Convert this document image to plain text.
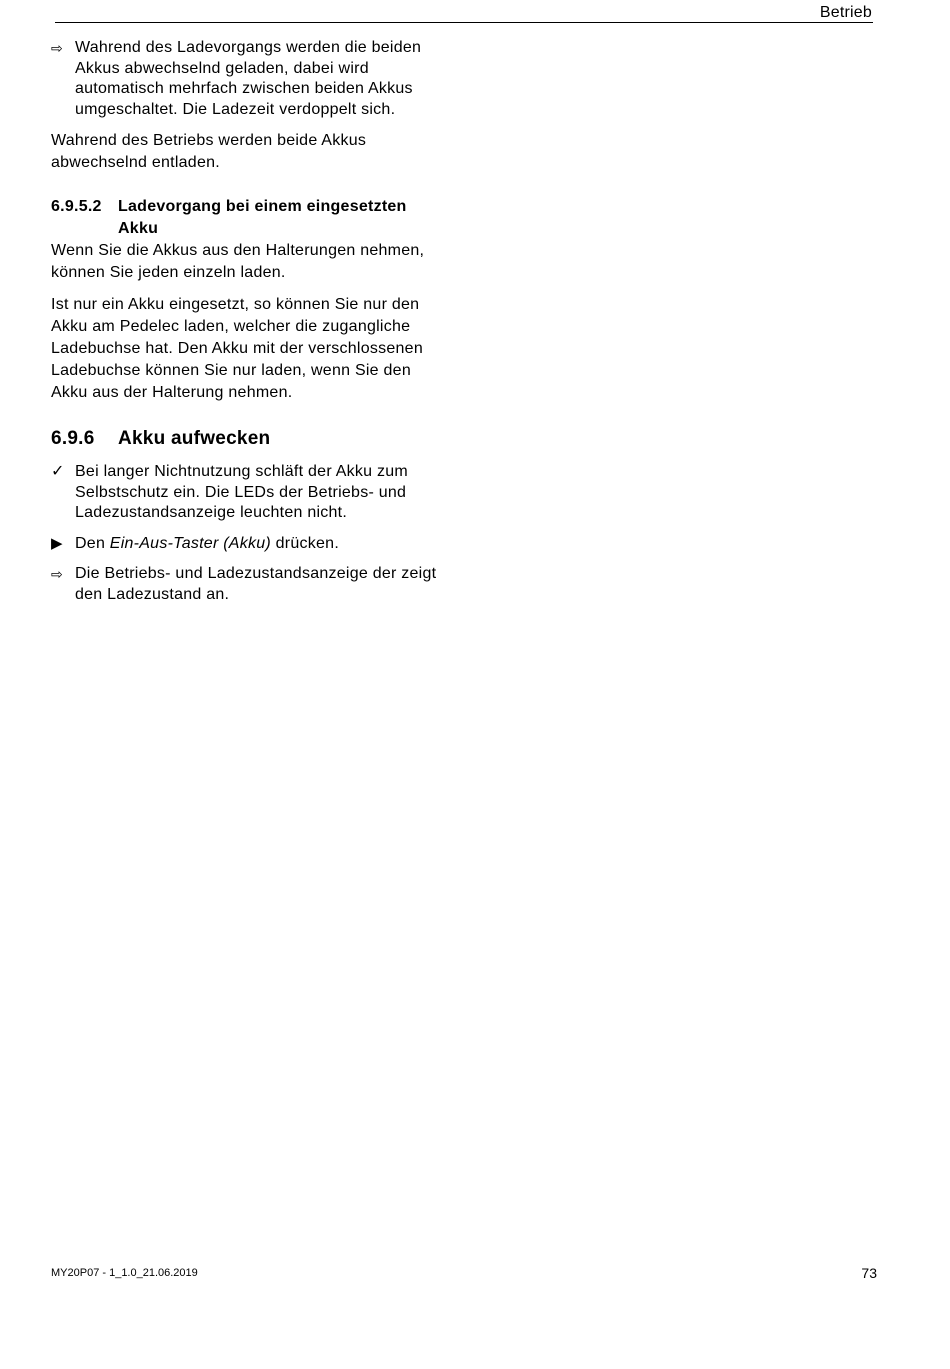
Betrieb
⇨ Wahrend des Ladevorgangs werden die beiden Akkus abwechselnd geladen, dabei wird automatisch mehrfach zwischen beiden Akkus umgeschaltet. Die Ladezeit verdoppelt sich.

Wahrend des Betriebs werden beide Akkus abwechselnd entladen.

6.9.5.2	Ladevorgang bei einem eingesetzten Akku

Wenn Sie die Akkus aus den Halterungen nehmen, können Sie jeden einzeln laden.

Ist nur ein Akku eingesetzt, so können Sie nur den Akku am Pedelec laden, welcher die zugangliche Ladebuchse hat. Den Akku mit der verschlossenen Ladebuchse können Sie nur laden, wenn Sie den Akku aus der Halterung nehmen.

6.9.6	Akku aufwecken
✓ Bei langer Nichtnutzung schläft der Akku zum Selbstschutz ein. Die LEDs der Betriebs- und Ladezustandsanzeige leuchten nicht.
▶ Den Ein-Aus-Taster (Akku) drücken.
⇨ Die Betriebs- und Ladezustandsanzeige der zeigt den Ladezustand an.
MY20P07 - 1_1.0_21.06.2019	73
